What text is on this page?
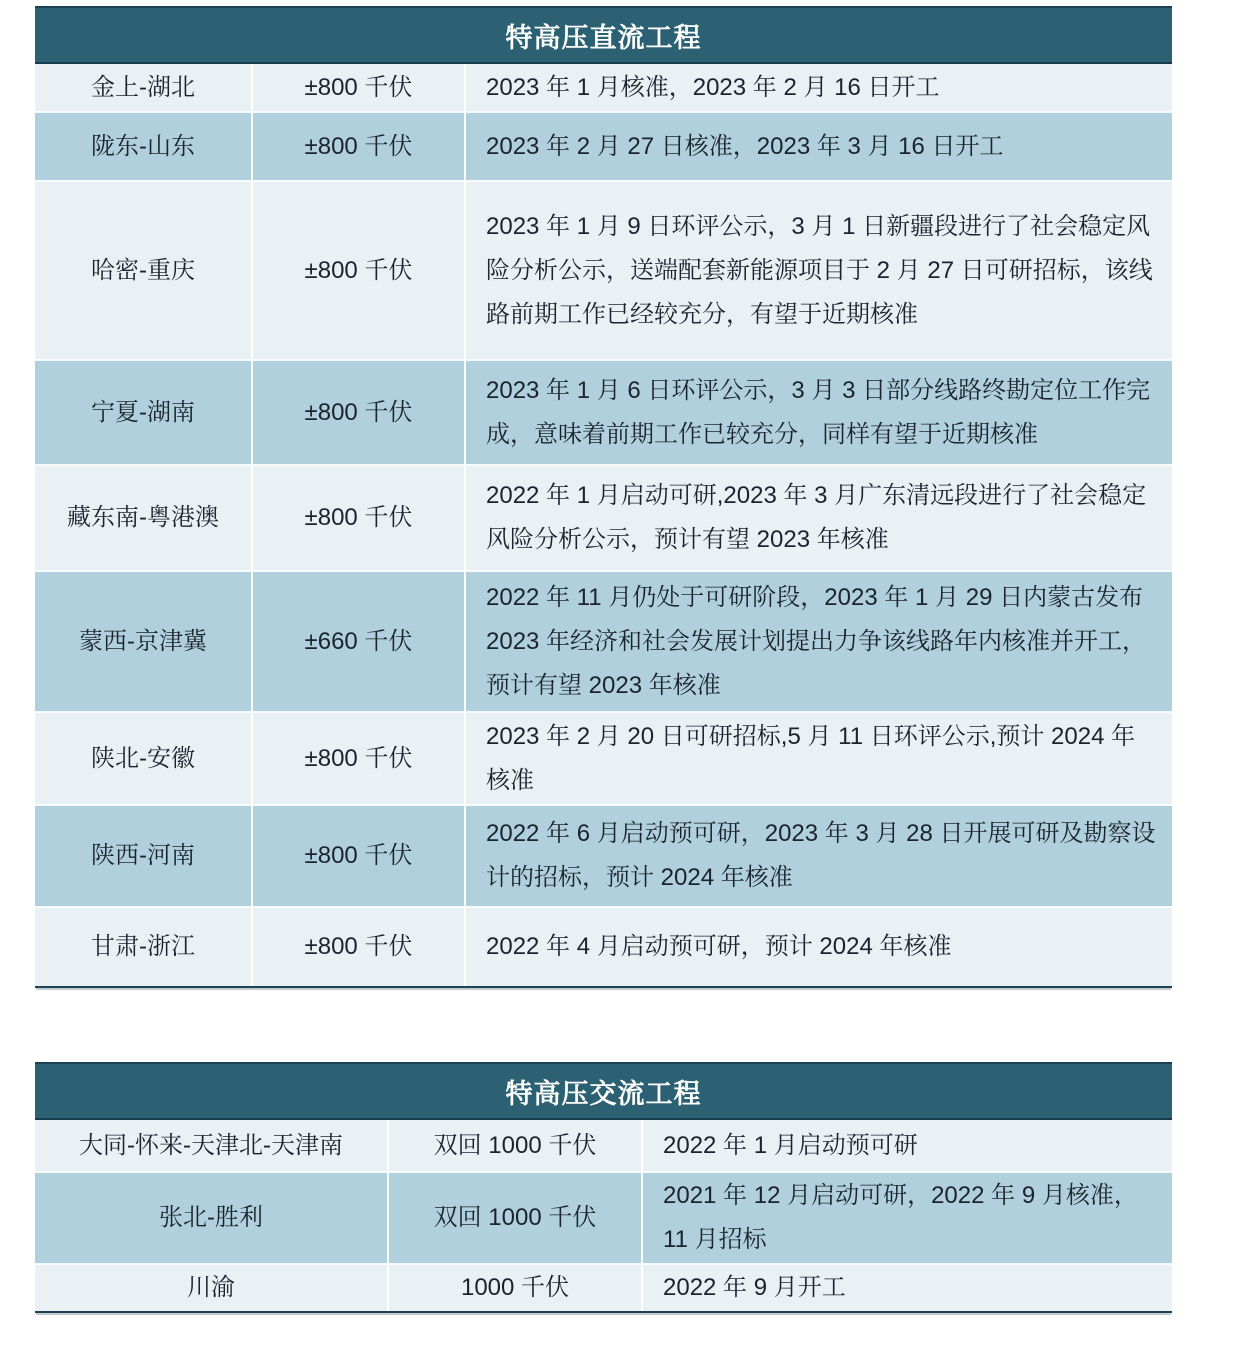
特高压直流工程
金上-湖北	±800 千伏	2023 年 1 月核准，2023 年 2 月 16 日开工
陇东-山东	±800 千伏	2023 年 2 月 27 日核准，2023 年 3 月 16 日开工
哈密-重庆	±800 千伏	2023 年 1 月 9 日环评公示，3 月 1 日新疆段进行了社会稳定风险分析公示，送端配套新能源项目于 2 月 27 日可研招标，该线路前期工作已经较充分，有望于近期核准
宁夏-湖南	±800 千伏	2023 年 1 月 6 日环评公示，3 月 3 日部分线路终勘定位工作完成，意味着前期工作已较充分，同样有望于近期核准
藏东南-粤港澳	±800 千伏	2022 年 1 月启动可研,2023 年 3 月广东清远段进行了社会稳定风险分析公示，预计有望 2023 年核准
蒙西-京津冀	±660 千伏	2022 年 11 月仍处于可研阶段，2023 年 1 月 29 日内蒙古发布 2023 年经济和社会发展计划提出力争该线路年内核准并开工，预计有望 2023 年核准
陕北-安徽	±800 千伏	2023 年 2 月 20 日可研招标,5 月 11 日环评公示,预计 2024 年核准
陕西-河南	±800 千伏	2022 年 6 月启动预可研，2023 年 3 月 28 日开展可研及勘察设计的招标，预计 2024 年核准
甘肃-浙江	±800 千伏	2022 年 4 月启动预可研，预计 2024 年核准
特高压交流工程
大同-怀来-天津北-天津南	双回 1000 千伏	2022 年 1 月启动预可研
张北-胜利	双回 1000 千伏	2021 年 12 月启动可研，2022 年 9 月核准，11 月招标
川渝	1000 千伏	2022 年 9 月开工
